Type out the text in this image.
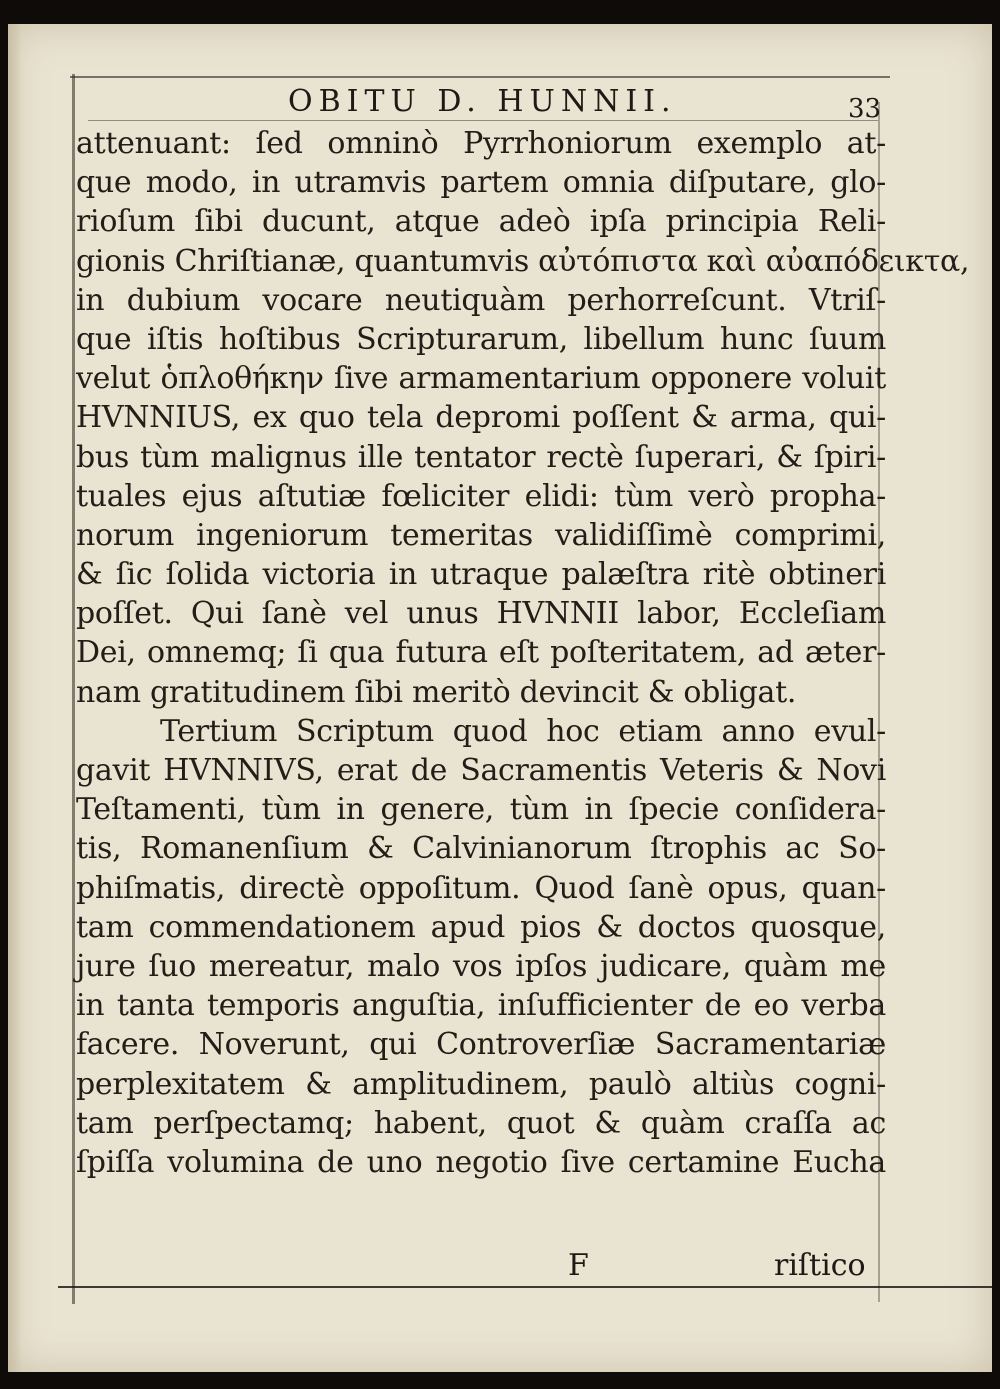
OBITU D. HUNNII.	33
attenuant: ſed omninò Pyrrhoniorum exemplo at-
que modo, in utramvis partem omnia diſputare, glo-
rioſum ſibi ducunt, atque adeò ipſa principia Reli-
gionis Chriſtianæ, quantumvis αὐτόπιστα καὶ αὐαπόδεικτα,
in dubium vocare neutiquàm perhorreſcunt. Vtriſ-
que iſtis hoſtibus Scripturarum, libellum hunc ſuum
velut ὁπλοθήκην ſive armamentarium opponere voluit
HVNNIUS, ex quo tela depromi poſſent & arma, qui-
bus tùm malignus ille tentator rectè ſuperari, & ſpiri-
tuales ejus aſtutiæ fœliciter elidi: tùm verò propha-
norum ingeniorum temeritas validiſſimè comprimi,
& ſic ſolida victoria in utraque palæſtra ritè obtineri
poſſet. Qui ſanè vel unus HVNNII labor, Eccleſiam
Dei, omnemq; ſi qua futura eſt poſteritatem, ad æter-
nam gratitudinem ſibi meritò devincit & obligat.
Tertium Scriptum quod hoc etiam anno evul-
gavit HVNNIVS, erat de Sacramentis Veteris & Novi
Teſtamenti, tùm in genere, tùm in ſpecie conſidera-
tis, Romanenſium & Calvinianorum ſtrophis ac So-
phiſmatis, directè oppoſitum. Quod ſanè opus, quan-
tam commendationem apud pios & doctos quosque,
jure ſuo mereatur, malo vos ipſos judicare, quàm me
in tanta temporis anguſtia, inſufficienter de eo verba
facere. Noverunt, qui Controverſiæ Sacramentariæ
perplexitatem & amplitudinem, paulò altiùs cogni-
tam perſpectamq; habent, quot & quàm craſſa ac
ſpiſſa volumina de uno negotio ſive certamine Eucha
F	riſtico
